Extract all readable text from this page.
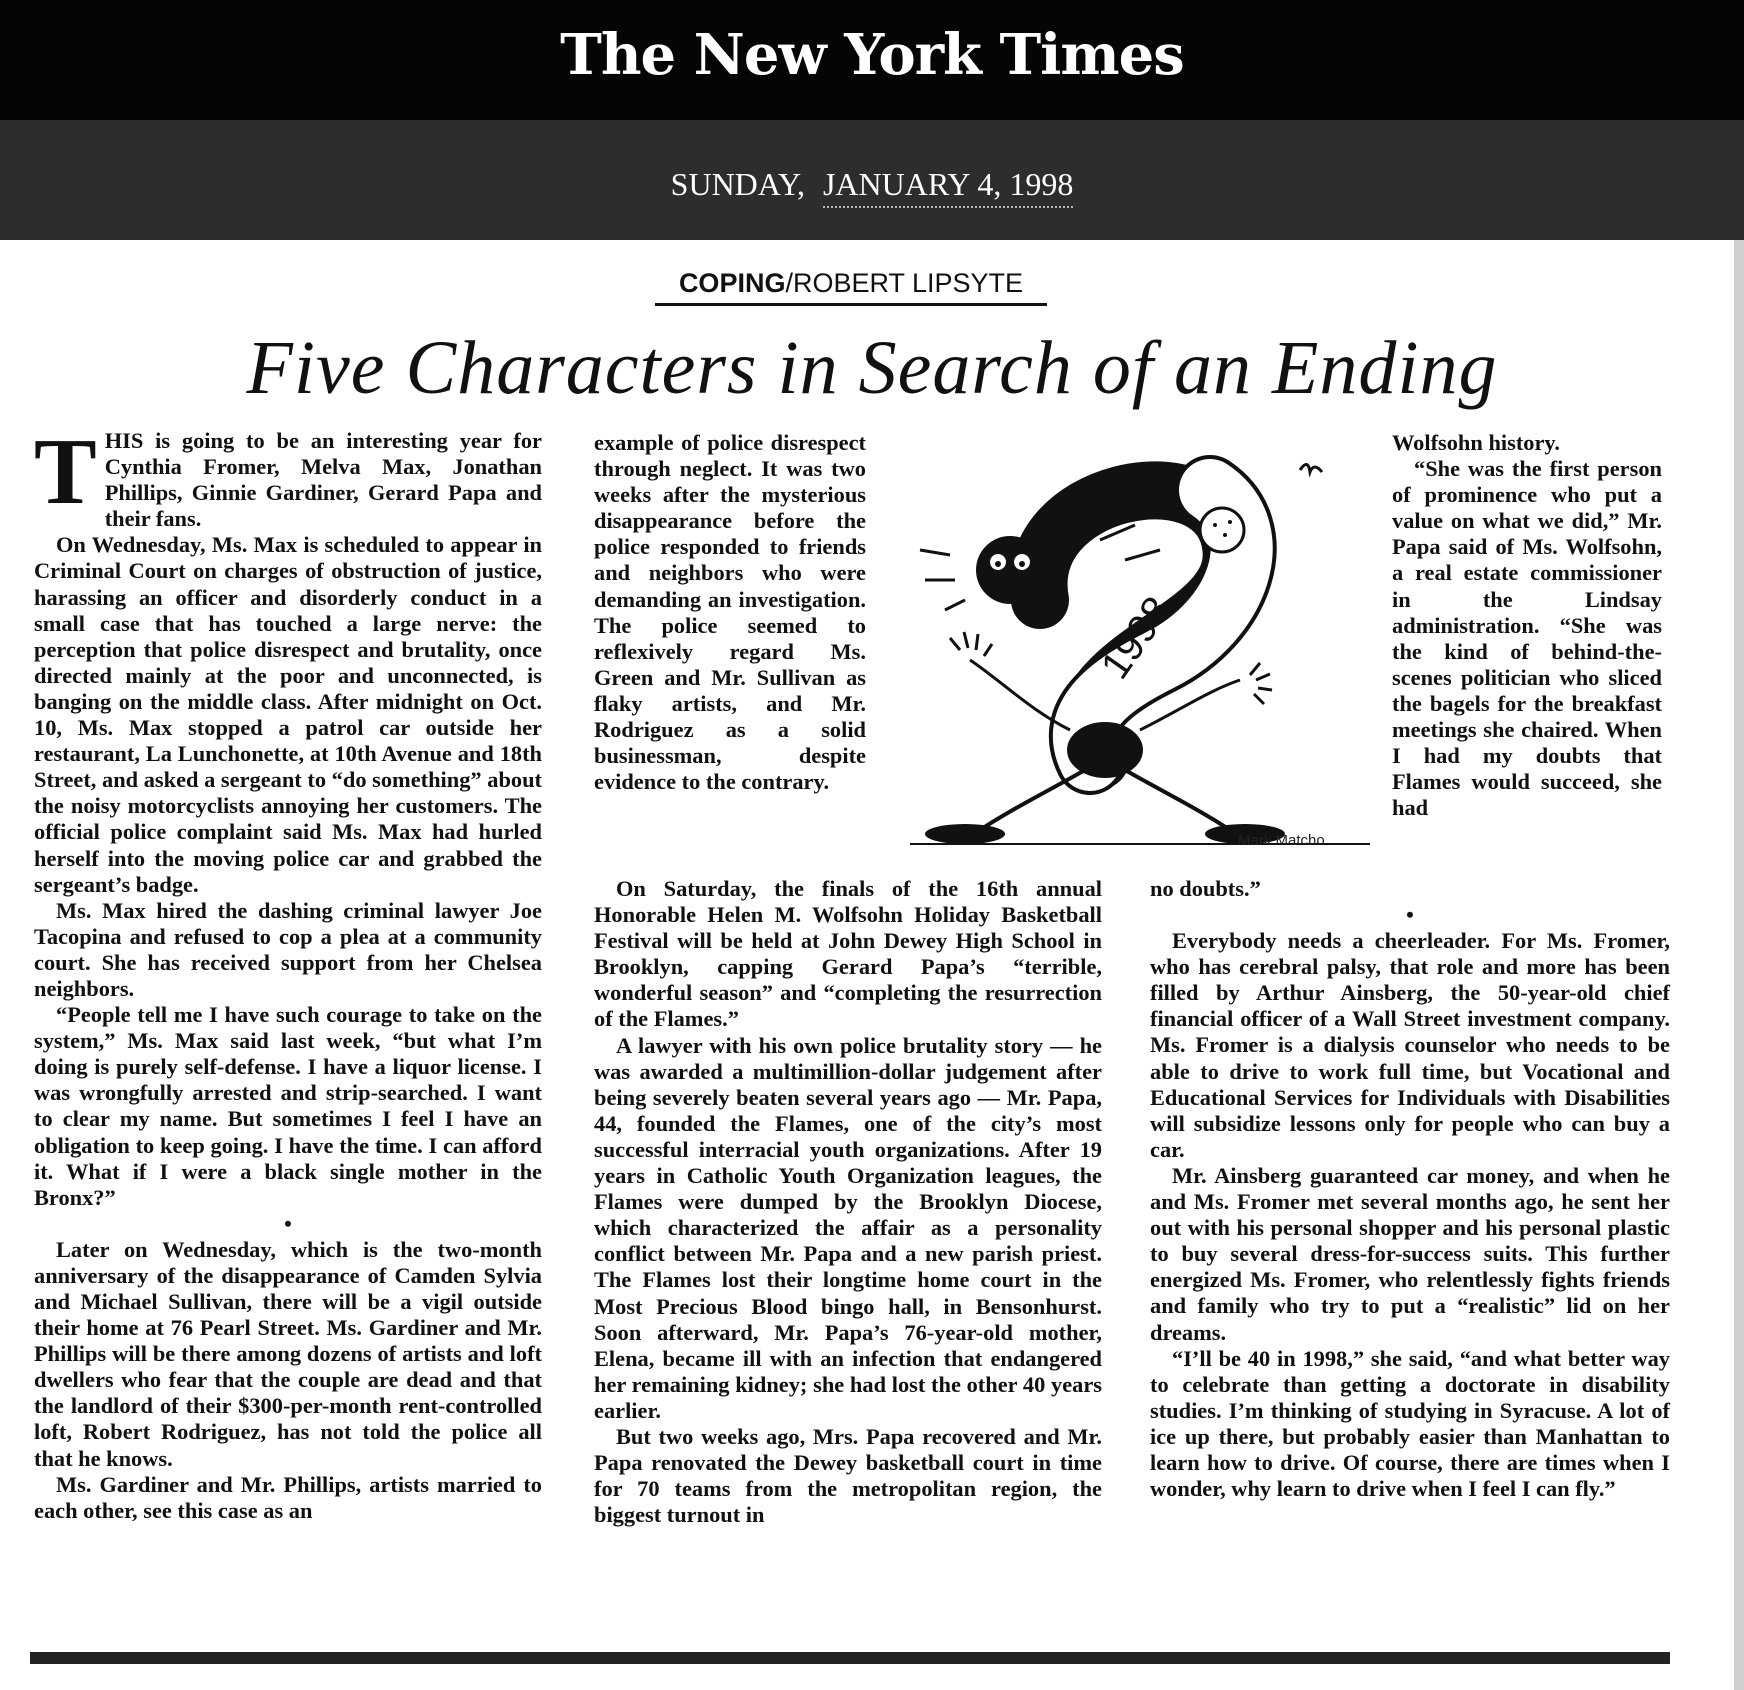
The New York Times
SUNDAY, JANUARY 4, 1998
COPING/ROBERT LIPSYTE
Five Characters in Search of an Ending

THIS is going to be an interesting year for Cynthia Fromer, Melva Max, Jonathan Phillips, Ginnie Gardiner, Gerard Papa and their fans.

On Wednesday, Ms. Max is scheduled to appear in Criminal Court on charges of obstruction of justice, harassing an officer and disorderly conduct in a small case that has touched a large nerve: the perception that police disrespect and brutality, once directed mainly at the poor and unconnected, is banging on the middle class. After midnight on Oct. 10, Ms. Max stopped a patrol car outside her restaurant, La Lunchonette, at 10th Avenue and 18th Street, and asked a sergeant to “do something” about the noisy motorcyclists annoying her customers. The official police complaint said Ms. Max had hurled herself into the moving police car and grabbed the sergeant’s badge.

Ms. Max hired the dashing criminal lawyer Joe Tacopina and refused to cop a plea at a community court. She has received support from her Chelsea neighbors.

“People tell me I have such courage to take on the system,” Ms. Max said last week, “but what I’m doing is purely self-defense. I have a liquor license. I was wrongfully arrested and strip-searched. I want to clear my name. But sometimes I feel I have an obligation to keep going. I have the time. I can afford it. What if I were a black single mother in the Bronx?”

•

Later on Wednesday, which is the two-month anniversary of the disappearance of Camden Sylvia and Michael Sullivan, there will be a vigil outside their home at 76 Pearl Street. Ms. Gardiner and Mr. Phillips will be there among dozens of artists and loft dwellers who fear that the couple are dead and that the landlord of their $300-per-month rent-controlled loft, Robert Rodriguez, has not told the police all that he knows.

Ms. Gardiner and Mr. Phillips, artists married to each other, see this case as an

example of police disrespect through neglect. It was two weeks after the mysterious disappearance before the police responded to friends and neighbors who were demanding an investigation. The police seemed to reflexively regard Ms. Green and Mr. Sullivan as flaky artists, and Mr. Rodriguez as a solid businessman, despite evidence to the contrary.

1998
Mark Matcho

On Saturday, the finals of the 16th annual Honorable Helen M. Wolfsohn Holiday Basketball Festival will be held at John Dewey High School in Brooklyn, capping Gerard Papa’s “terrible, wonderful season” and “completing the resurrection of the Flames.”

A lawyer with his own police brutality story — he was awarded a multimillion-dollar judgement after being severely beaten several years ago — Mr. Papa, 44, founded the Flames, one of the city’s most successful interracial youth organizations. After 19 years in Catholic Youth Organization leagues, the Flames were dumped by the Brooklyn Diocese, which characterized the affair as a personality conflict between Mr. Papa and a new parish priest. The Flames lost their longtime home court in the Most Precious Blood bingo hall, in Bensonhurst. Soon afterward, Mr. Papa’s 76-year-old mother, Elena, became ill with an infection that endangered her remaining kidney; she had lost the other 40 years earlier.

But two weeks ago, Mrs. Papa recovered and Mr. Papa renovated the Dewey basketball court in time for 70 teams from the metropolitan region, the biggest turnout in

Wolfsohn history.

“She was the first person of prominence who put a value on what we did,” Mr. Papa said of Ms. Wolfsohn, a real estate commissioner in the Lindsay administration. “She was the kind of behind-the-scenes politician who sliced the bagels for the breakfast meetings she chaired. When I had my doubts that Flames would succeed, she had

no doubts.”

•

Everybody needs a cheerleader. For Ms. Fromer, who has cerebral palsy, that role and more has been filled by Arthur Ainsberg, the 50-year-old chief financial officer of a Wall Street investment company. Ms. Fromer is a dialysis counselor who needs to be able to drive to work full time, but Vocational and Educational Services for Individuals with Disabilities will subsidize lessons only for people who can buy a car.

Mr. Ainsberg guaranteed car money, and when he and Ms. Fromer met several months ago, he sent her out with his personal shopper and his personal plastic to buy several dress-for-success suits. This further energized Ms. Fromer, who relentlessly fights friends and family who try to put a “realistic” lid on her dreams.

“I’ll be 40 in 1998,” she said, “and what better way to celebrate than getting a doctorate in disability studies. I’m thinking of studying in Syracuse. A lot of ice up there, but probably easier than Manhattan to learn how to drive. Of course, there are times when I wonder, why learn to drive when I feel I can fly.”
